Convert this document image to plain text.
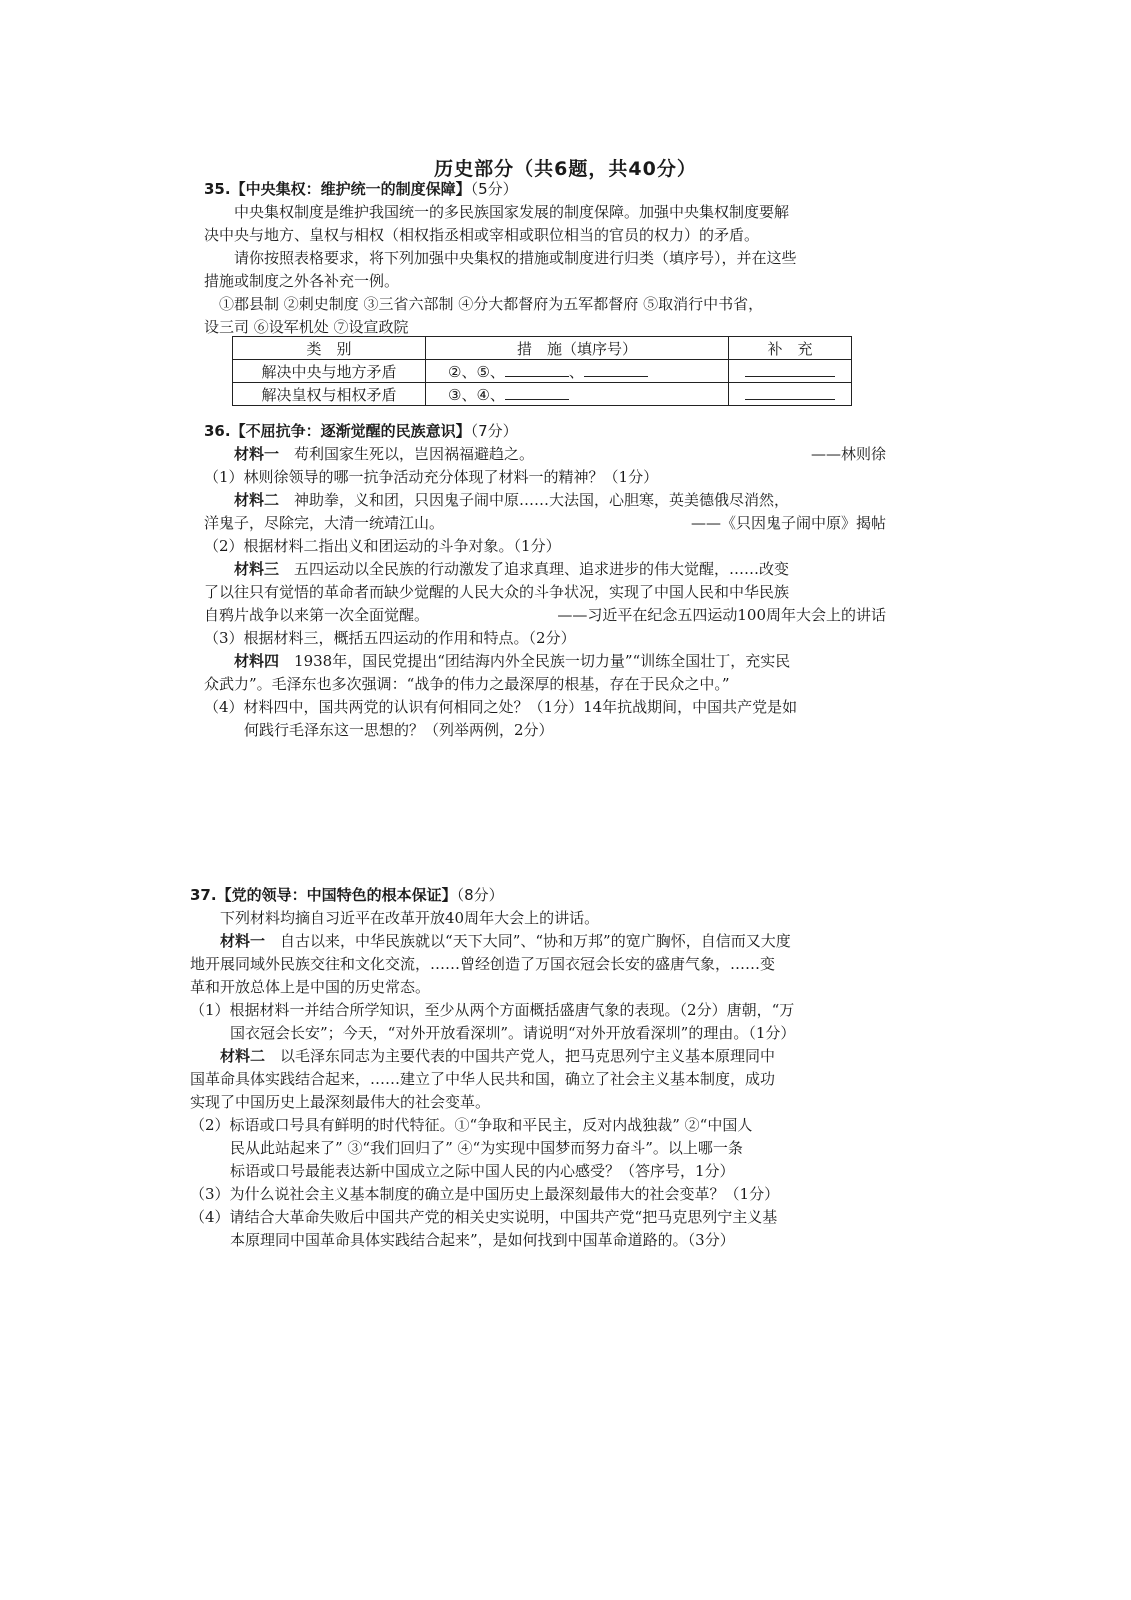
历史部分（共6题，共40分）
35.【中央集权：维护统一的制度保障】（5分）
中央集权制度是维护我国统一的多民族国家发展的制度保障。加强中央集权制度要解
决中央与地方、皇权与相权（相权指丞相或宰相或职位相当的官员的权力）的矛盾。
请你按照表格要求，将下列加强中央集权的措施或制度进行归类（填序号），并在这些
措施或制度之外各补充一例。
①郡县制 ②刺史制度 ③三省六部制 ④分大都督府为五军都督府 ⑤取消行中书省，
设三司 ⑥设军机处 ⑦设宣政院
类　别	措　施（填序号）	补　充
解决中央与地方矛盾	②、⑤、 、	
解决皇权与相权矛盾	③、④、	
36.【不屈抗争：逐渐觉醒的民族意识】（7分）
材料一　 苟利国家生死以，岂因祸福避趋之。	——林则徐
（1）林则徐领导的哪一抗争活动充分体现了材料一的精神？（1分）
材料二　 神助拳，义和团，只因鬼子闹中原……大法国，心胆寒，英美德俄尽消然，
洋鬼子，尽除完，大清一统靖江山。	——《只因鬼子闹中原》揭帖
（2）根据材料二指出义和团运动的斗争对象。（1分）
材料三　 五四运动以全民族的行动激发了追求真理、追求进步的伟大觉醒，……改变
了以往只有觉悟的革命者而缺少觉醒的人民大众的斗争状况，实现了中国人民和中华民族
自鸦片战争以来第一次全面觉醒。	——习近平在纪念五四运动100周年大会上的讲话
（3）根据材料三，概括五四运动的作用和特点。（2分）
材料四　 1938年，国民党提出“团结海内外全民族一切力量”“训练全国壮丁，充实民
众武力”。毛泽东也多次强调：“战争的伟力之最深厚的根基，存在于民众之中。”
（4）材料四中，国共两党的认识有何相同之处？（1分）14年抗战期间，中国共产党是如
何践行毛泽东这一思想的？（列举两例，2分）
37.【党的领导：中国特色的根本保证】（8分）
下列材料均摘自习近平在改革开放40周年大会上的讲话。
材料一　 自古以来，中华民族就以“天下大同”、“协和万邦”的宽广胸怀，自信而又大度
地开展同域外民族交往和文化交流，……曾经创造了万国衣冠会长安的盛唐气象，……变
革和开放总体上是中国的历史常态。
（1）根据材料一并结合所学知识，至少从两个方面概括盛唐气象的表现。（2分）唐朝，“万
国衣冠会长安”；今天，“对外开放看深圳”。请说明“对外开放看深圳”的理由。（1分）
材料二　 以毛泽东同志为主要代表的中国共产党人，把马克思列宁主义基本原理同中
国革命具体实践结合起来，……建立了中华人民共和国，确立了社会主义基本制度，成功
实现了中国历史上最深刻最伟大的社会变革。
（2）标语或口号具有鲜明的时代特征。①“争取和平民主，反对内战独裁” ②“中国人
民从此站起来了” ③“我们回归了” ④“为实现中国梦而努力奋斗”。以上哪一条
标语或口号最能表达新中国成立之际中国人民的内心感受？（答序号，1分）
（3）为什么说社会主义基本制度的确立是中国历史上最深刻最伟大的社会变革？（1分）
（4）请结合大革命失败后中国共产党的相关史实说明，中国共产党“把马克思列宁主义基
本原理同中国革命具体实践结合起来”，是如何找到中国革命道路的。（3分）
